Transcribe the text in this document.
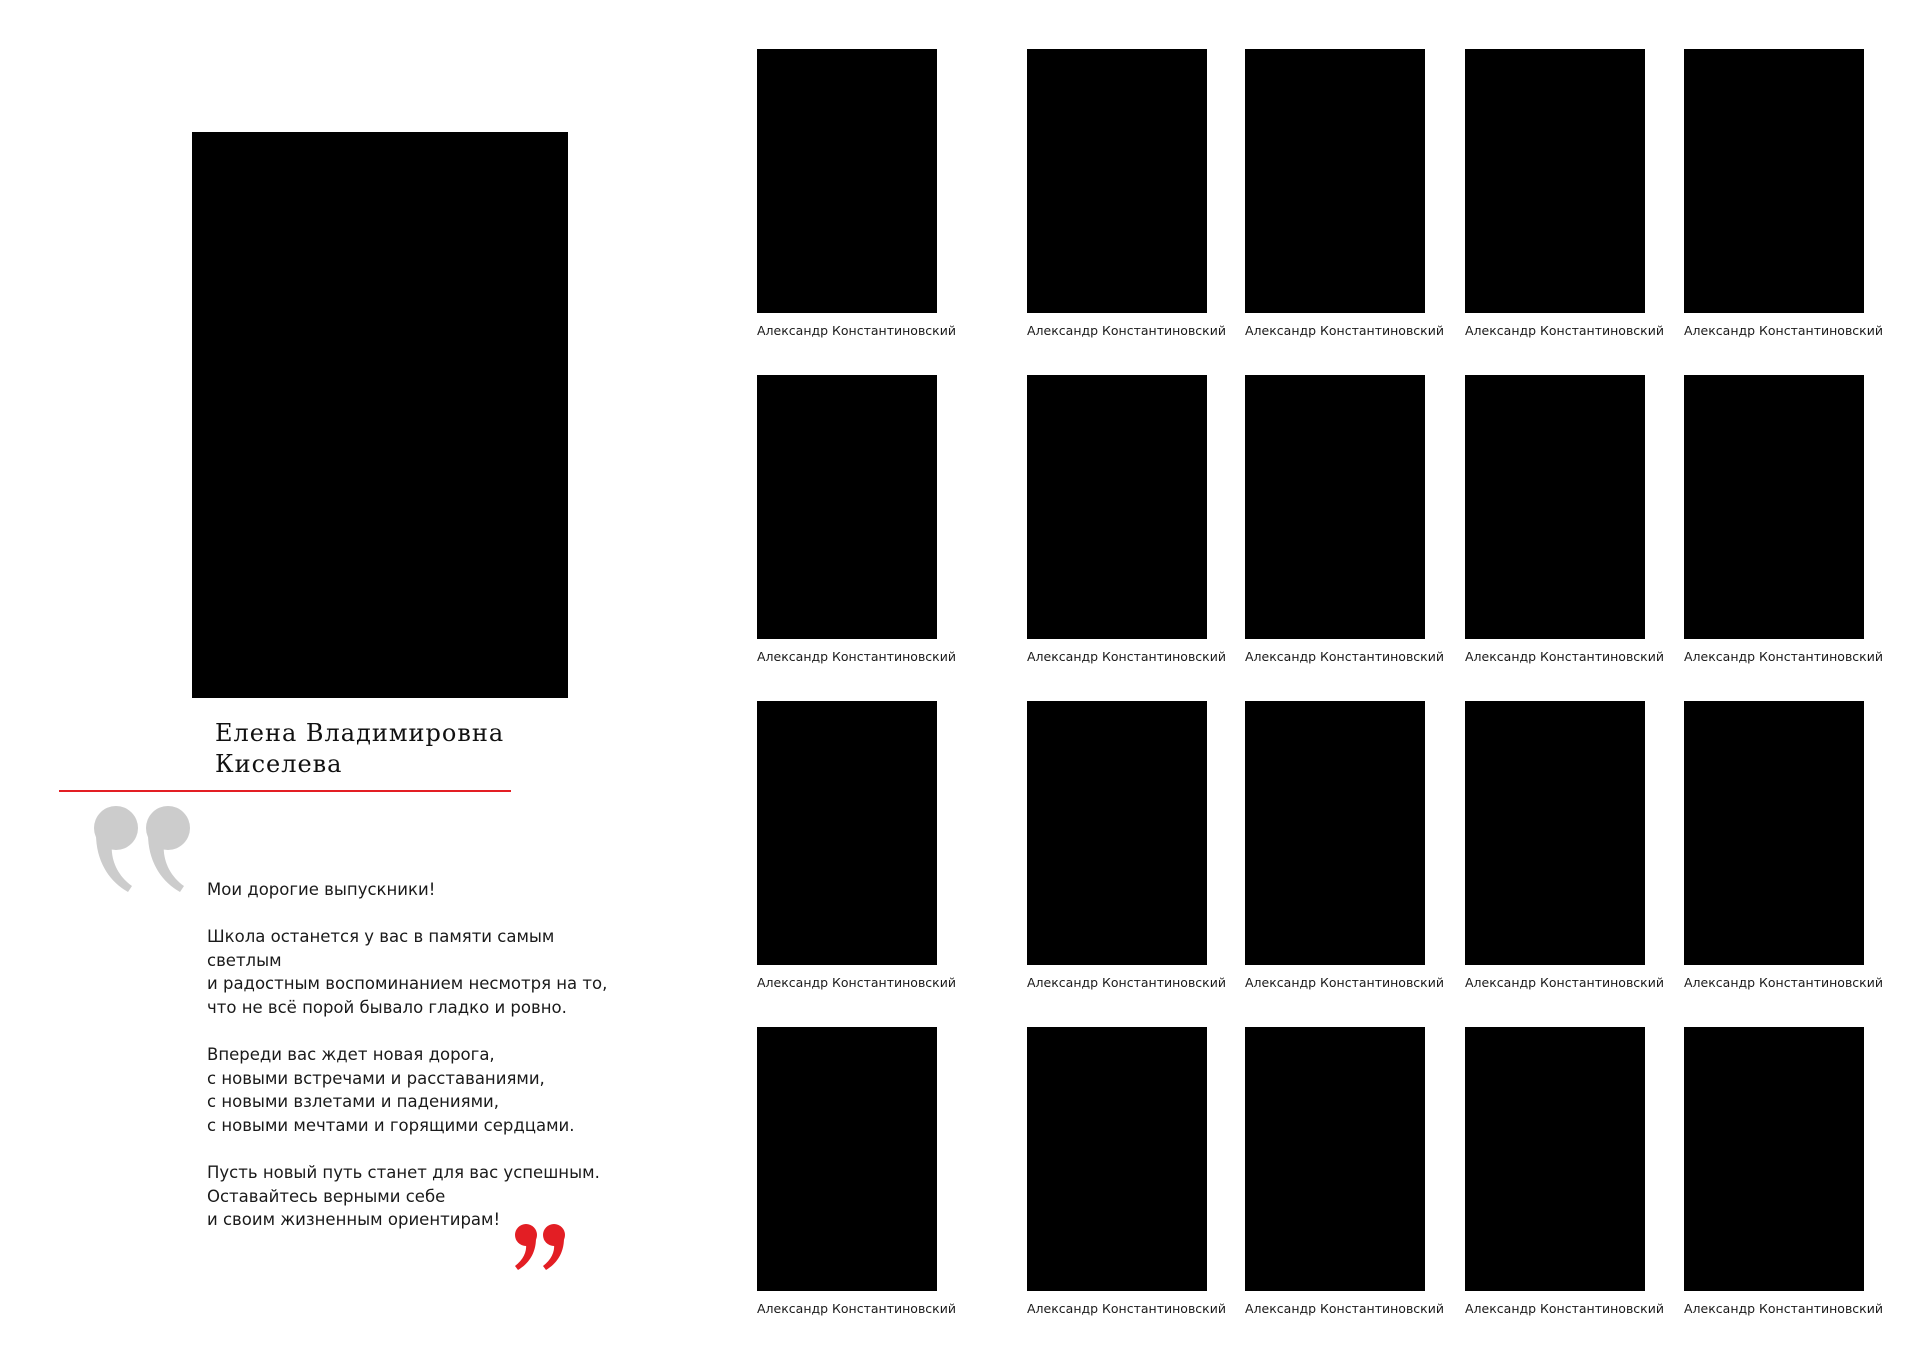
Елена Владимировна
Киселева

Мои дорогие выпускники!

Школа останется у вас в памяти самым светлым
и радостным воспоминанием несмотря на то,
что не всё порой бывало гладко и ровно.

Впереди вас ждет новая дорога,
с новыми встречами и расставаниями,
с новыми взлетами и падениями,
с новыми мечтами и горящими сердцами.

Пусть новый путь станет для вас успешным.
Оставайтесь верными себе
и своим жизненным ориентирам!

Александр Константиновский	Александр Константиновский Александр Константиновский Александр Константиновский Александр Константиновский
Александр Константиновский	Александр Константиновский Александр Константиновский Александр Константиновский Александр Константиновский
Александр Константиновский	Александр Константиновский Александр Константиновский Александр Константиновский Александр Константиновский
Александр Константиновский	Александр Константиновский Александр Константиновский Александр Константиновский Александр Константиновский
